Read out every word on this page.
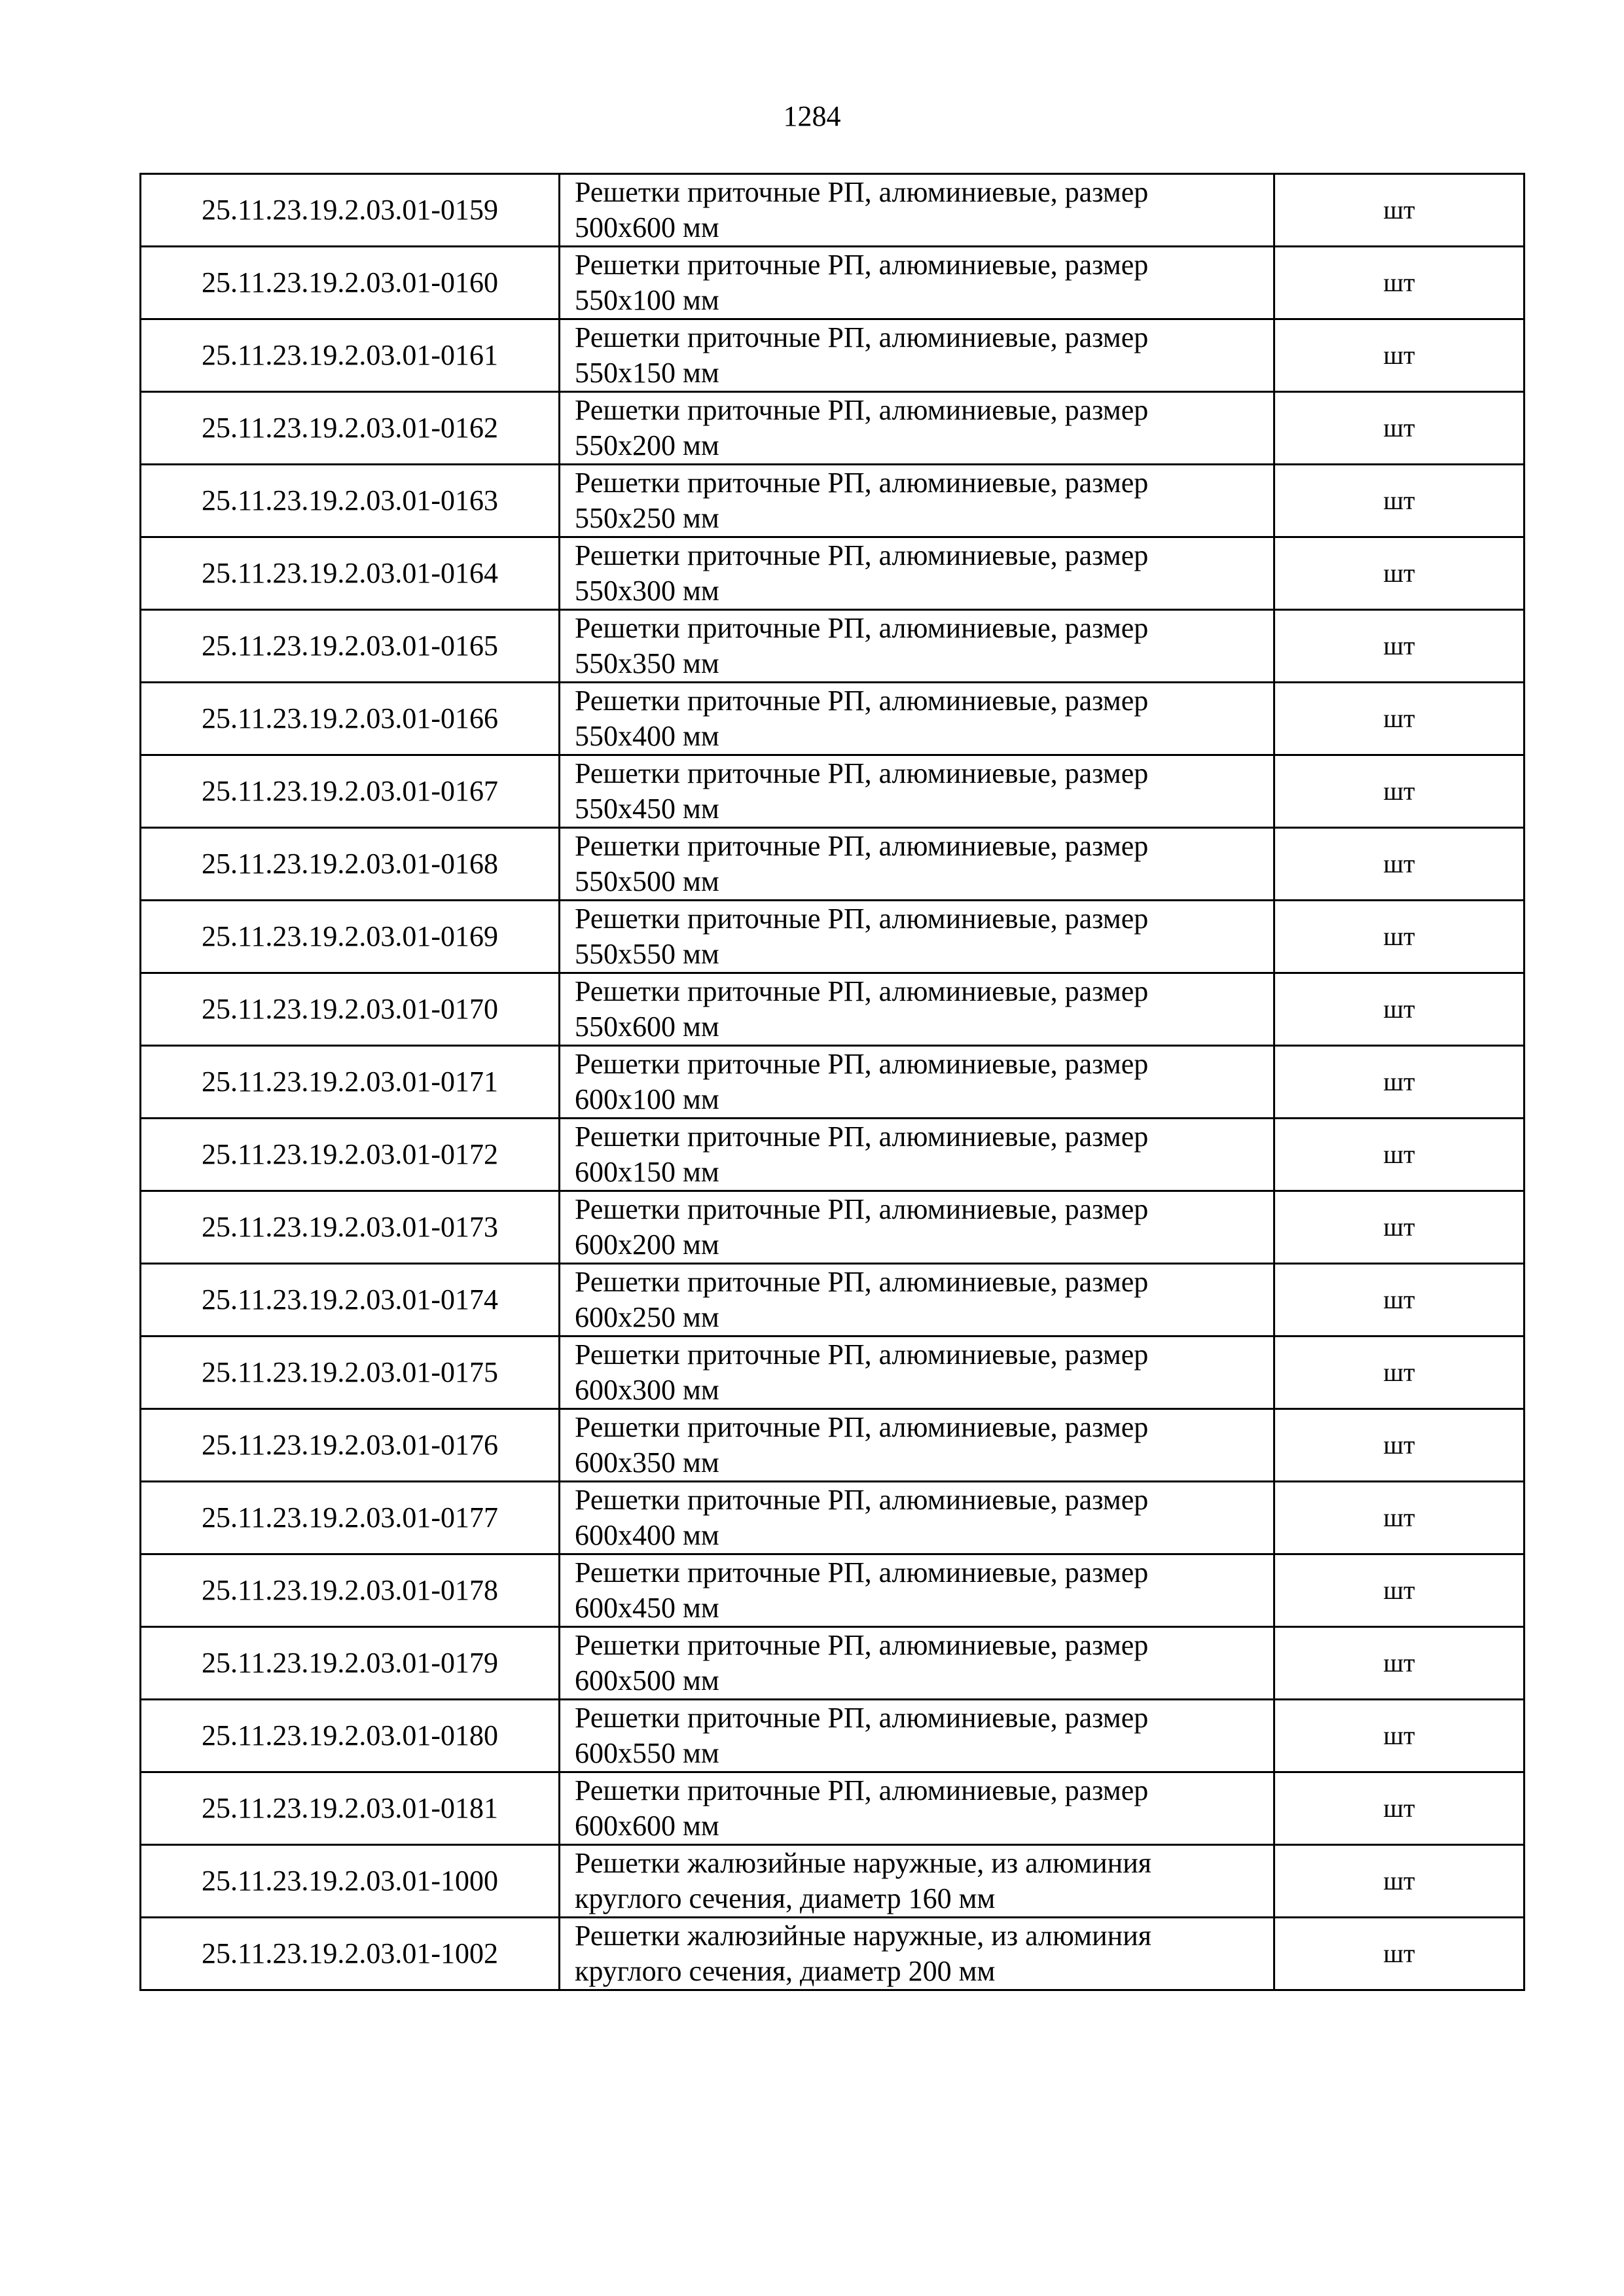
1284
25.11.23.19.2.03.01-0159	Решетки приточные РП, алюминиевые, размер
500х600 мм	шт
25.11.23.19.2.03.01-0160	Решетки приточные РП, алюминиевые, размер
550х100 мм	шт
25.11.23.19.2.03.01-0161	Решетки приточные РП, алюминиевые, размер
550х150 мм	шт
25.11.23.19.2.03.01-0162	Решетки приточные РП, алюминиевые, размер
550х200 мм	шт
25.11.23.19.2.03.01-0163	Решетки приточные РП, алюминиевые, размер
550х250 мм	шт
25.11.23.19.2.03.01-0164	Решетки приточные РП, алюминиевые, размер
550х300 мм	шт
25.11.23.19.2.03.01-0165	Решетки приточные РП, алюминиевые, размер
550х350 мм	шт
25.11.23.19.2.03.01-0166	Решетки приточные РП, алюминиевые, размер
550х400 мм	шт
25.11.23.19.2.03.01-0167	Решетки приточные РП, алюминиевые, размер
550х450 мм	шт
25.11.23.19.2.03.01-0168	Решетки приточные РП, алюминиевые, размер
550х500 мм	шт
25.11.23.19.2.03.01-0169	Решетки приточные РП, алюминиевые, размер
550х550 мм	шт
25.11.23.19.2.03.01-0170	Решетки приточные РП, алюминиевые, размер
550х600 мм	шт
25.11.23.19.2.03.01-0171	Решетки приточные РП, алюминиевые, размер
600х100 мм	шт
25.11.23.19.2.03.01-0172	Решетки приточные РП, алюминиевые, размер
600х150 мм	шт
25.11.23.19.2.03.01-0173	Решетки приточные РП, алюминиевые, размер
600х200 мм	шт
25.11.23.19.2.03.01-0174	Решетки приточные РП, алюминиевые, размер
600х250 мм	шт
25.11.23.19.2.03.01-0175	Решетки приточные РП, алюминиевые, размер
600х300 мм	шт
25.11.23.19.2.03.01-0176	Решетки приточные РП, алюминиевые, размер
600х350 мм	шт
25.11.23.19.2.03.01-0177	Решетки приточные РП, алюминиевые, размер
600х400 мм	шт
25.11.23.19.2.03.01-0178	Решетки приточные РП, алюминиевые, размер
600х450 мм	шт
25.11.23.19.2.03.01-0179	Решетки приточные РП, алюминиевые, размер
600х500 мм	шт
25.11.23.19.2.03.01-0180	Решетки приточные РП, алюминиевые, размер
600х550 мм	шт
25.11.23.19.2.03.01-0181	Решетки приточные РП, алюминиевые, размер
600х600 мм	шт
25.11.23.19.2.03.01-1000	Решетки жалюзийные наружные, из алюминия
круглого сечения, диаметр 160 мм	шт
25.11.23.19.2.03.01-1002	Решетки жалюзийные наружные, из алюминия
круглого сечения, диаметр 200 мм	шт
